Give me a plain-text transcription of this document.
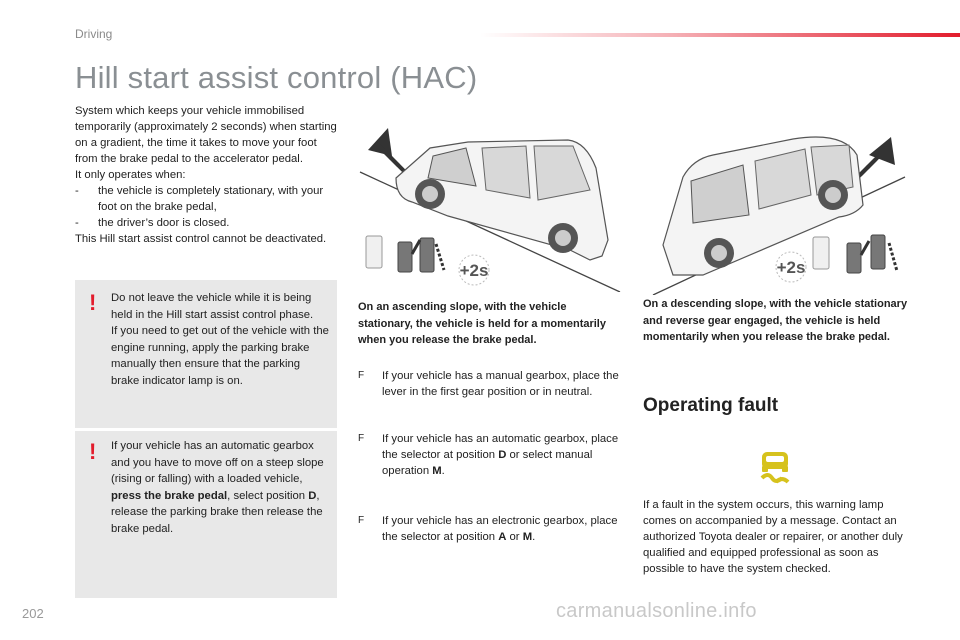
Driving
Hill start assist control (HAC)
System which keeps your vehicle immobilised temporarily (approximately 2 seconds) when starting on a gradient, the time it takes to move your foot from the brake pedal to the accelerator pedal.
It only operates when:
-	the vehicle is completely stationary, with your foot on the brake pedal,
-	the driver’s door is closed.
This Hill start assist control cannot be deactivated.
! Do not leave the vehicle while it is being held in the Hill start assist control phase.
If you need to get out of the vehicle with the engine running, apply the parking brake manually then ensure that the parking brake indicator lamp is on.
! If your vehicle has an automatic gearbox and you have to move off on a steep slope (rising or falling) with a loaded vehicle, press the brake pedal, select position D, release the parking brake then release the brake pedal.
+2s	+2s
On an ascending slope, with the vehicle stationary, the vehicle is held for a momentarily when you release the brake pedal.
F	If your vehicle has a manual gearbox, place the lever in the first gear position or in neutral.
F	If your vehicle has an automatic gearbox, place the selector at position D or select manual operation M.
F	If your vehicle has an electronic gearbox, place the selector at position A or M.
On a descending slope, with the vehicle stationary and reverse gear engaged, the vehicle is held momentarily when you release the brake pedal.
Operating fault
If a fault in the system occurs, this warning lamp comes on accompanied by a message. Contact an authorized Toyota dealer or repairer, or another duly qualified and equipped professional as soon as possible to have the system checked.
202	carmanualsonline.info
